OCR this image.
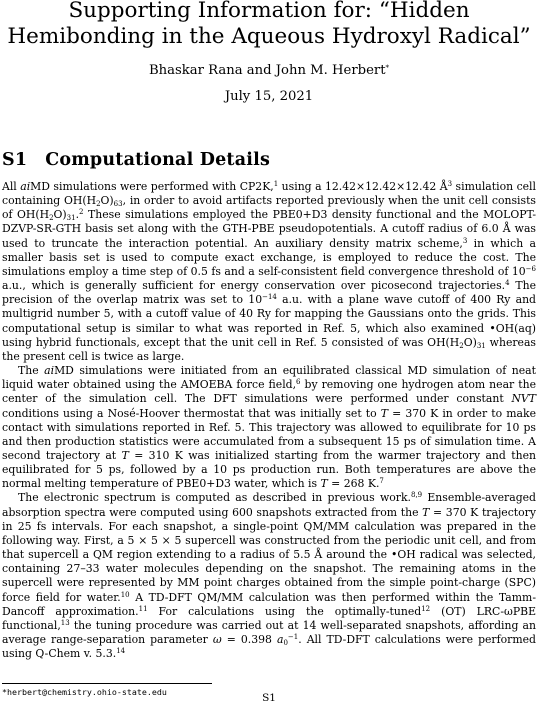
Supporting Information for: “Hidden Hemibonding in the Aqueous Hydroxyl Radical”
Bhaskar Rana and John M. Herbert*
July 15, 2021
S1 Computational Details

All aiMD simulations were performed with CP2K,$^1$ using a 12.42×12.42×12.42 $Å^3$ simulation cell containing $OH(H_2O)_{63}$, in order to avoid artifacts reported previously when the unit cell consists of $OH(H_2O)_{31}.^2$ These simulations employed the PBE0+D3 density functional and the MOLOPT-DZVP-SR-GTH basis set along with the GTH-PBE pseudopotentials. A cutoff radius of 6.0 Å was used to truncate the interaction potential. An auxiliary density matrix scheme,$^3$ in which a smaller basis set is used to compute exact exchange, is employed to reduce the cost. The simulations employ a time step of 0.5 fs and a self-consistent field convergence threshold of $10^{-6}$ a.u., which is generally sufficient for energy conservation over picosecond trajectories.$^4$ The precision of the overlap matrix was set to $10^{-14}$ a.u. with a plane wave cutoff of 400 Ry and multigrid number 5, with a cutoff value of 40 Ry for mapping the Gaussians onto the grids. This computational setup is similar to what was reported in Ref. 5, which also examined •OH(aq) using hybrid functionals, except that the unit cell in Ref. 5 consisted of was $OH(H_2O)_{31}$ whereas the present cell is twice as large.

The aiMD simulations were initiated from an equilibrated classical MD simulation of neat liquid water obtained using the AMOEBA force field,$^6$ by removing one hydrogen atom near the center of the simulation cell. The DFT simulations were performed under constant NVT conditions using a Nosé-Hoover thermostat that was initially set to T = 370 K in order to make contact with simulations reported in Ref. 5. This trajectory was allowed to equilibrate for 10 ps and then production statistics were accumulated from a subsequent 15 ps of simulation time. A second trajectory at T = 310 K was initialized starting from the warmer trajectory and then equilibrated for 5 ps, followed by a 10 ps production run. Both temperatures are above the normal melting temperature of PBE0+D3 water, which is T = 268 K.$^7$

The electronic spectrum is computed as described in previous work.$^{8,9}$ Ensemble-averaged absorption spectra were computed using 600 snapshots extracted from the T = 370 K trajectory in 25 fs intervals. For each snapshot, a single-point QM/MM calculation was prepared in the following way. First, a 5 × 5 × 5 supercell was constructed from the periodic unit cell, and from that supercell a QM region extending to a radius of 5.5 Å around the •OH radical was selected, containing 27–33 water molecules depending on the snapshot. The remaining atoms in the supercell were represented by MM point charges obtained from the simple point-charge (SPC) force field for water.$^{10}$ A TD-DFT QM/MM calculation was then performed within the Tamm-Dancoff approximation.$^{11}$ For calculations using the optimally-tuned$^{12}$ (OT) LRC-ωPBE functional,$^{13}$ the tuning procedure was carried out at 14 well-separated snapshots, affording an average range-separation parameter ω = 0.398 $a_0^{-1}$. All TD-DFT calculations were performed using Q-Chem v. 5.3.14

*herbert@chemistry.ohio-state.edu	S1
